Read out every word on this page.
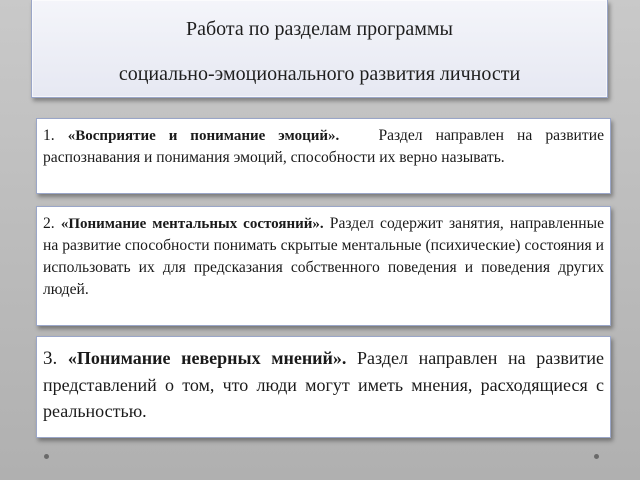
Работа по разделам программы
социально-эмоционального развития личности
1. «Восприятие и понимание эмоций».	Раздел направлен на развитие распознавания и понимания эмоций, способности их верно называть.
2. «Понимание ментальных состояний». Раздел содержит занятия, направленные на развитие способности понимать скрытые ментальные (психические) состояния и использовать их для предсказания собственного поведения и поведения других людей.
3. «Понимание неверных мнений». Раздел направлен на развитие представлений о том, что люди могут иметь мнения, расходящиеся с реальностью.
